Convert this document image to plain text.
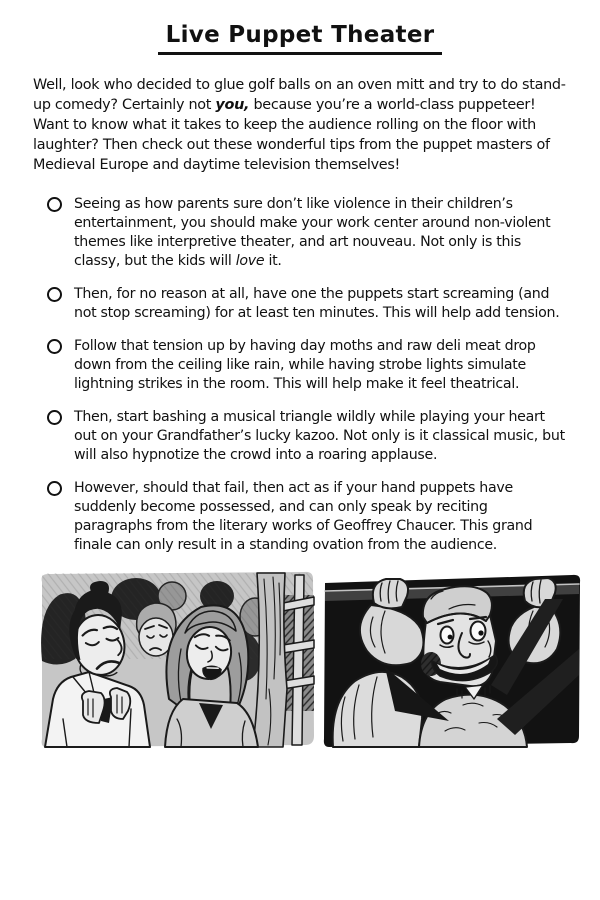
Live Puppet Theater

Well, look who decided to glue golf balls on an oven mitt and try to do stand-up comedy? Certainly not you, because you’re a world-class puppeteer! Want to know what it takes to keep the audience rolling on the floor with laughter? Then check out these wonderful tips from the puppet masters of Medieval Europe and daytime television themselves!

Seeing as how parents sure don’t like violence in their children’s entertainment, you should make your work center around non-violent themes like interpretive theater, and art nouveau. Not only is this classy, but the kids will love it.
Then, for no reason at all, have one the puppets start screaming (and not stop screaming) for at least ten minutes. This will help add tension.
Follow that tension up by having day moths and raw deli meat drop down from the ceiling like rain, while having strobe lights simulate lightning strikes in the room. This will help make it feel theatrical.
Then, start bashing a musical triangle wildly while playing your heart out on your Grandfather’s lucky kazoo. Not only is it classical music, but will also hypnotize the crowd into a roaring applause.
However, should that fail, then act as if your hand puppets have suddenly become possessed, and can only speak by reciting paragraphs from the literary works of Geoffrey Chaucer. This grand finale can only result in a standing ovation from the audience.
